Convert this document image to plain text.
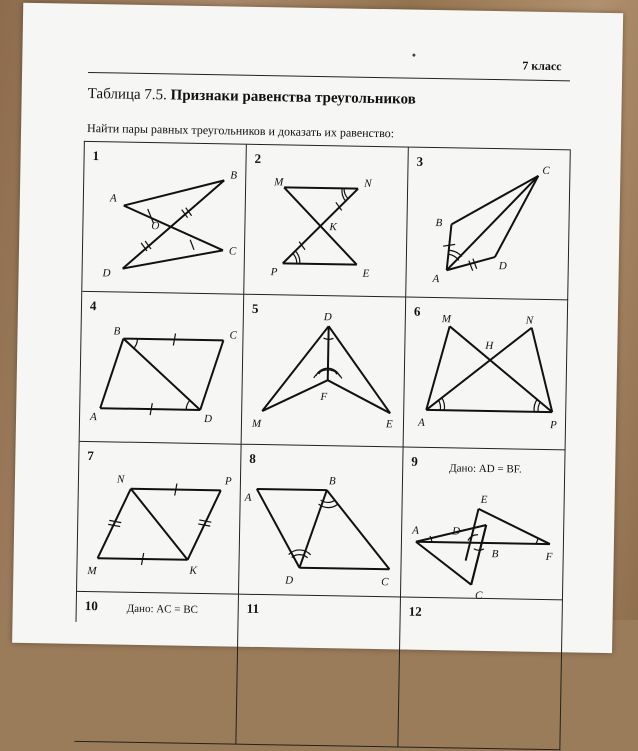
7 класс
Таблица 7.5. Признаки равенства треугольников
Найти пары равных треугольников и доказать их равенство:
1
A
B
O
C
D
2
M	N
K
P	E
3
C
B
D
A
4
B	C
A	D
5
D
F
M	E
6
M	N
H
A	P
7
N	P
M	K
8
B
A
D	C
9
Дано: AD = BF.
E
A	D
B	F
C
10	Дано: AC = BC	11	12
